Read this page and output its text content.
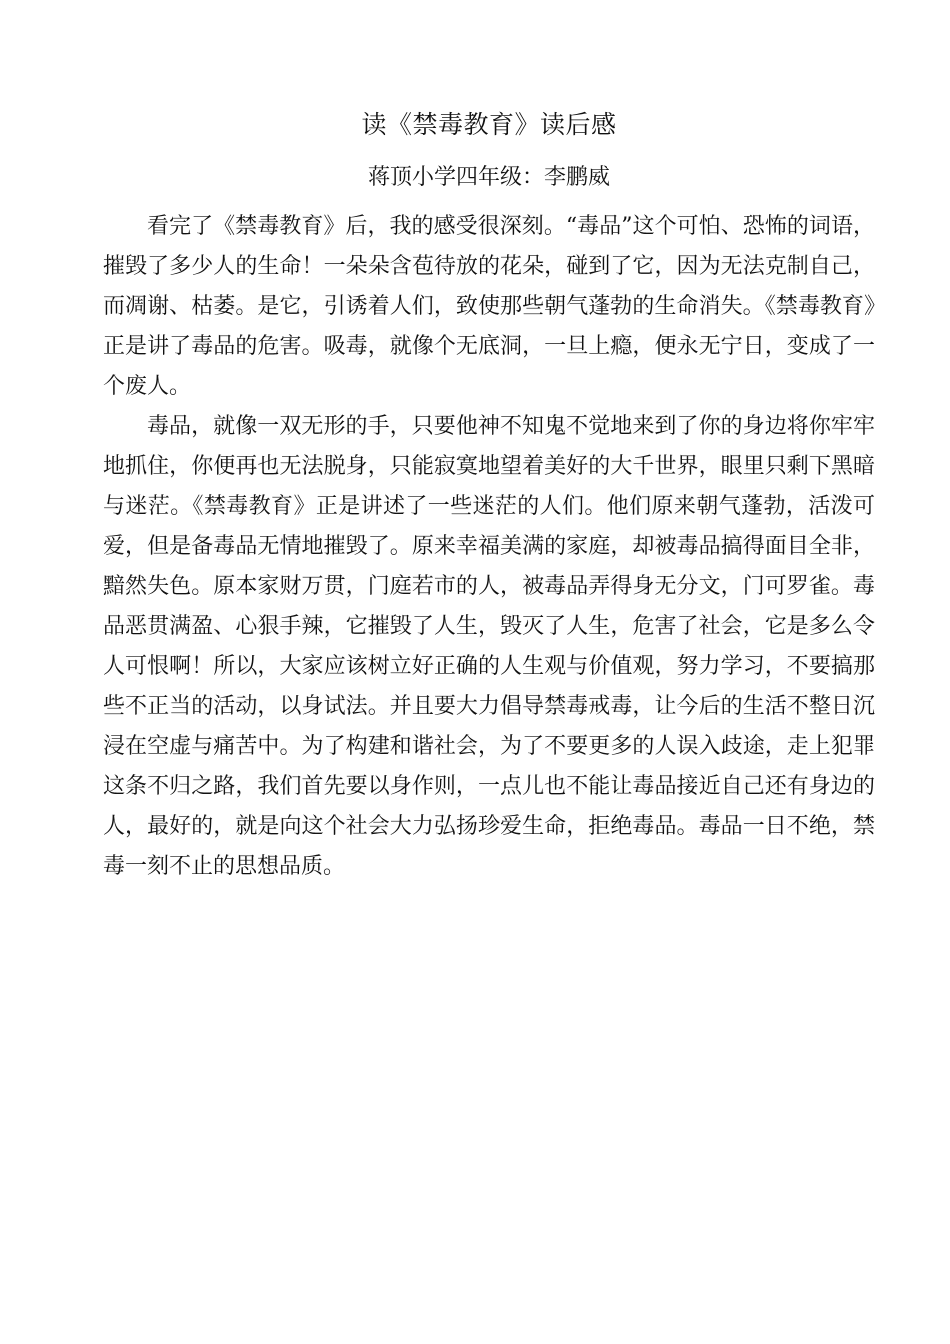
读《禁毒教育》读后感
蒋顶小学四年级：李鹏威

看完了《禁毒教育》后，我的感受很深刻。“毒品”这个可怕、恐怖的词语，摧毁了多少人的生命！一朵朵含苞待放的花朵，碰到了它，因为无法克制自己，而凋谢、枯萎。是它，引诱着人们，致使那些朝气蓬勃的生命消失。《禁毒教育》正是讲了毒品的危害。吸毒，就像个无底洞，一旦上瘾，便永无宁日，变成了一个废人。

毒品，就像一双无形的手，只要他神不知鬼不觉地来到了你的身边将你牢牢地抓住，你便再也无法脱身，只能寂寞地望着美好的大千世界，眼里只剩下黑暗与迷茫。《禁毒教育》正是讲述了一些迷茫的人们。他们原来朝气蓬勃，活泼可爱，但是备毒品无情地摧毁了。原来幸福美满的家庭，却被毒品搞得面目全非，黯然失色。原本家财万贯，门庭若市的人，被毒品弄得身无分文，门可罗雀。毒品恶贯满盈、心狠手辣，它摧毁了人生，毁灭了人生，危害了社会，它是多么令人可恨啊！所以，大家应该树立好正确的人生观与价值观，努力学习，不要搞那些不正当的活动，以身试法。并且要大力倡导禁毒戒毒，让今后的生活不整日沉浸在空虚与痛苦中。为了构建和谐社会，为了不要更多的人误入歧途，走上犯罪这条不归之路，我们首先要以身作则，一点儿也不能让毒品接近自己还有身边的人，最好的，就是向这个社会大力弘扬珍爱生命，拒绝毒品。毒品一日不绝，禁毒一刻不止的思想品质。
